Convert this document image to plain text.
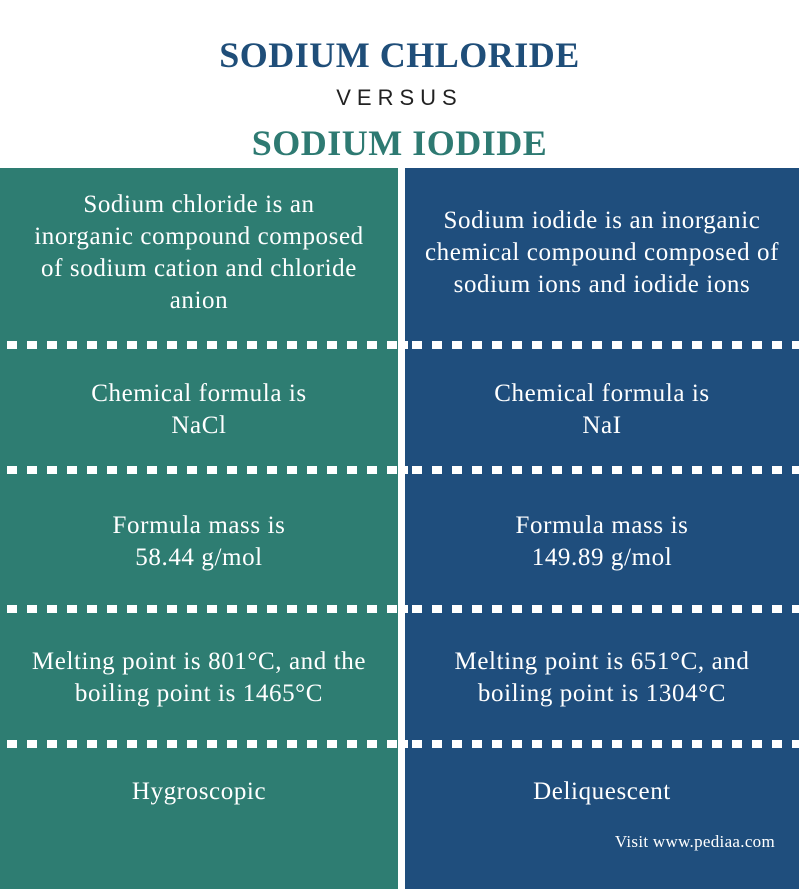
SODIUM CHLORIDE
VERSUS
SODIUM IODIDE
Sodium chloride is an inorganic compound composed of sodium cation and chloride anion
Chemical formula is NaCl
Formula mass is 58.44 g/mol
Melting point is 801°C, and the boiling point is 1465°C
Hygroscopic
Sodium iodide is an inorganic chemical compound composed of sodium ions and iodide ions
Chemical formula is NaI
Formula mass is 149.89 g/mol
Melting point is 651°C, and boiling point is 1304°C
Deliquescent
Visit www.pediaa.com
